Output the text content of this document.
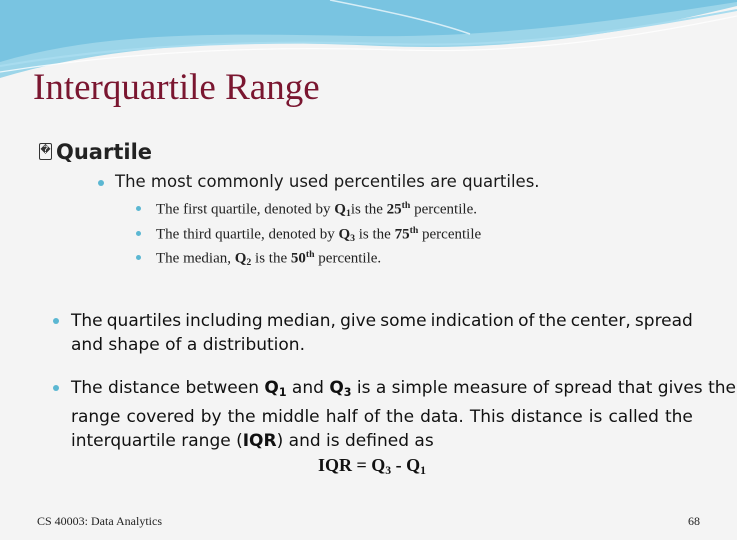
Interquartile Range
� Quartile
The most commonly used percentiles are quartiles.
The first quartile, denoted by $Q_1is$ the 25th percentile.
The third quartile, denoted by $Q_3$ is the 75th percentile
The median, $Q_2$ is the 50th percentile.
The quartiles including median, give some indication of the center, spread
and shape of a distribution.
The distance between $Q_1$ and $Q_3$ is a simple measure of spread that gives the
range covered by the middle half of the data. This distance is called the
interquartile range (IQR) and is defined as
IQR = $Q_3 - Q_1$
CS 40003: Data Analytics	68
